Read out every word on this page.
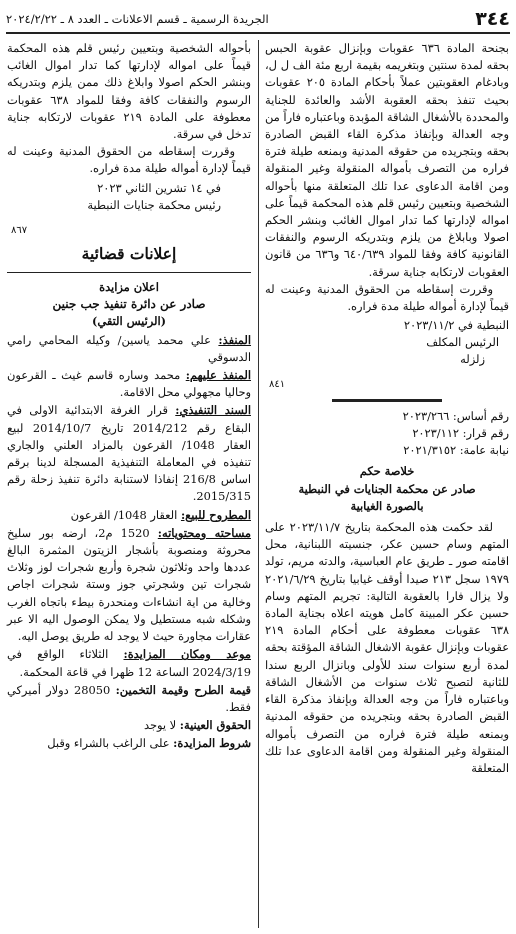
٣٤٤
الجريدة الرسمية ـ قسم الاعلانات ـ العدد ٨ ـ ٢٠٢٤/٢/٢٢

بجنحة المادة ٦٣٦ عقوبات وبإنزال عقوبة الحبس بحقه لمدة سنتين وبتغريمه بقيمة اربع مئة الف ل ل، وبادغام العقوبتين عملاً بأحكام المادة ٢٠٥ عقوبات بحيث تنفذ بحقه العقوبة الأشد والعائدة للجناية والمحددة بالأشغال الشاقة المؤبدة وباعتباره فاراً من وجه العدالة وبإنفاذ مذكرة القاء القبض الصادرة بحقه وبتجريده من حقوقه المدنية وبمنعه طيلة فترة فراره من التصرف بأمواله المنقولة وغير المنقولة ومن اقامة الدعاوى عدا تلك المتعلقة منها بأحواله الشخصية وبتعيين رئيس قلم هذه المحكمة قيماً على امواله لإدارتها كما تدار اموال الغائب وبنشر الحكم اصولا وبابلاغ من يلزم وبتدريكه الرسوم والنفقات القانونية كافة وفقا للمواد ٦٤٠/٦٣٩ و٦٣٦ من قانون العقوبات لارتكابه جناية سرقة.

وقررت إسقاطه من الحقوق المدنية وعينت له قيماً لإدارة أمواله طيلة مدة فراره.

النبطية في ٢٠٢٣/١١/٢
الرئيس المكلف
زلزله
٨٤١
رقم أساس: ٢٠٢٣/٢٦٦
رقم قرار: ٢٠٢٣/١١٢
نيابة عامة: ٢٠٢١/٣١٥٢
خلاصة حكم
صادر عن محكمة الجنايات في النبطية
بالصورة الغيابية

لقد حكمت هذه المحكمة بتاريخ ٢٠٢٣/١١/٧ على المتهم وسام حسين عكر، جنسيته اللبنانية، محل اقامته صور ـ طريق عام العباسية، والدته مريم، تولد ١٩٧٩ سجل ٢١٣ صيدا أوقف غيابيا بتاريخ ٢٠٢١/٦/٢٩ ولا يزال فارا بالعقوبة التالية: تجريم المتهم وسام حسين عكر المبينة كامل هويته اعلاه بجناية المادة ٦٣٨ عقوبات معطوفة على أحكام المادة ٢١٩ عقوبات وبإنزال عقوبة الاشغال الشاقة المؤقتة بحقه لمدة أربع سنوات سند للأولى وبانزال الربع سندا للثانية لتصبح ثلاث سنوات من الأشغال الشاقة وباعتباره فاراً من وجه العدالة وبإنفاذ مذكرة القاء القبض الصادرة بحقه وبتجريده من حقوقه المدنية وبمنعه طيلة فترة فراره من التصرف بأمواله المنقولة وغير المنقولة ومن اقامة الدعاوى عدا تلك المتعلقة

بأحواله الشخصية وبتعيين رئيس قلم هذه المحكمة قيماً على امواله لإدارتها كما تدار اموال الغائب وبنشر الحكم اصولا وابلاغ ذلك ممن يلزم وبتدريكه الرسوم والنفقات كافة وفقا للمواد ٦٣٨ عقوبات معطوفة على المادة ٢١٩ عقوبات لارتكابه جناية تدخل في سرقة.

وقررت إسقاطه من الحقوق المدنية وعينت له قيماً لإدارة أمواله طيلة مدة فراره.

في ١٤ تشرين الثاني ٢٠٢٣
رئيس محكمة جنايات النبطية
٨٦٧
إعلانات قضائية
اعلان مزايدة
صادر عن دائرة تنفيذ جب جنين
(الرئيس التقي)
المنفذ: علي محمد ياسين/ وكيله المحامي رامي الدسوقي
المنفذ عليهم: محمد وساره قاسم غيث ـ القرعون وحاليا مجهولي محل الاقامة.
السند التنفيذي: قرار الغرفة الابتدائية الاولى في البقاع رقم 2014/212 تاريخ 2014/10/7 لبيع العقار 1048/ القرعون بالمزاد العلني والجاري تنفيذه في المعاملة التنفيذية المسجلة لدينا برقم اساس 216/8 إنفاذا لاستنابة دائرة تنفيذ زحلة رقم 2015/315.
المطروح للبيع: العقار 1048/ القرعون
مساحته ومحتوياته: 1520 م2، ارضه بور سليخ محروثة ومنصوبة بأشجار الزيتون المثمرة البالغ عددها واحد وثلاثون شجرة وأربع شجرات لوز وثلاث شجرات تين وشجرتي جوز وستة شجرات اجاص وخالية من اية انشاءات ومنحدرة بيطء باتجاه الغرب وشكله شبه مستطيل ولا يمكن الوصول اليه الا عبر عقارات مجاورة حيث لا يوجد له طريق يوصل اليه.
موعد ومكان المزايدة: الثلاثاء الواقع في 2024/3/19 الساعة 12 ظهرا في قاعة المحكمة.
قيمة الطرح وقيمة التخمين: 28050 دولار أميركي فقط.
الحقوق العينية: لا يوجد
شروط المزايدة: على الراغب بالشراء وقبل
